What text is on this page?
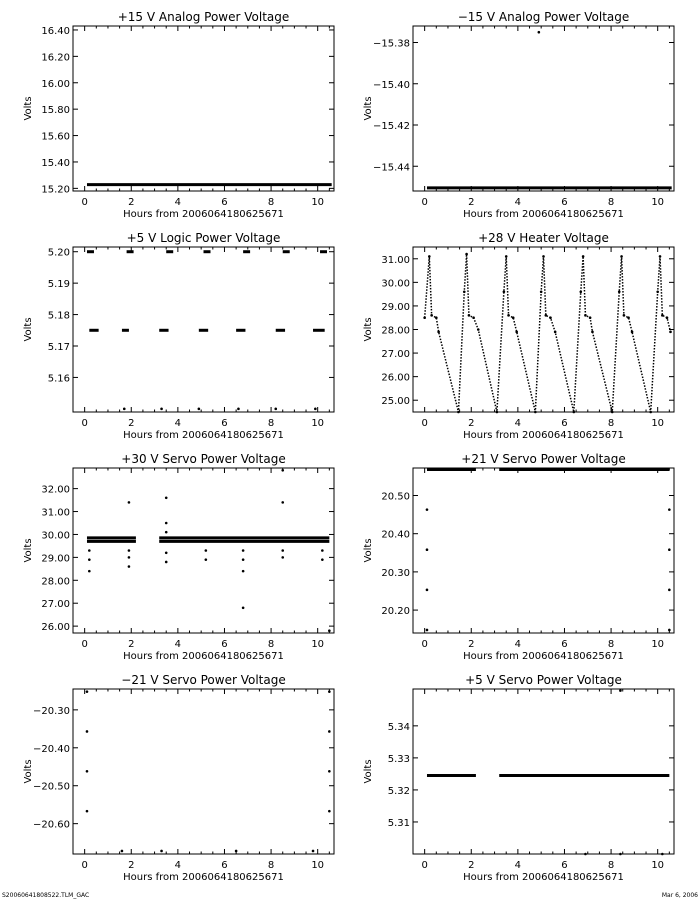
+15 V Analog Power Voltage
Hours from 2006064180625671
Volts
0	2	4	6	8	10
15.20
15.40
15.60
15.80
16.00
16.20
16.40
−15 V Analog Power Voltage
Hours from 2006064180625671
Volts
0	2	4	6	8	10
−15.38
−15.40
−15.42
−15.44
+5 V Logic Power Voltage
Hours from 2006064180625671
Volts
0	2	4	6	8	10
5.16
5.17
5.18
5.19
5.20
+28 V Heater Voltage
Hours from 2006064180625671
Volts
0	2	4	6	8	10
25.00
26.00
27.00
28.00
29.00
30.00
31.00
+30 V Servo Power Voltage
Hours from 2006064180625671
Volts
0	2	4	6	8	10
26.00
27.00
28.00
29.00
30.00
31.00
32.00
+21 V Servo Power Voltage
Hours from 2006064180625671
Volts
0	2	4	6	8	10
20.20
20.30
20.40
20.50
−21 V Servo Power Voltage
Hours from 2006064180625671
Volts
0	2	4	6	8	10
−20.30
−20.40
−20.50
−20.60
+5 V Servo Power Voltage
Hours from 2006064180625671
Volts
0	2	4	6	8	10
5.31
5.32
5.33
5.34
S20060641808522.TLM_GAC	Mar 6, 2006
